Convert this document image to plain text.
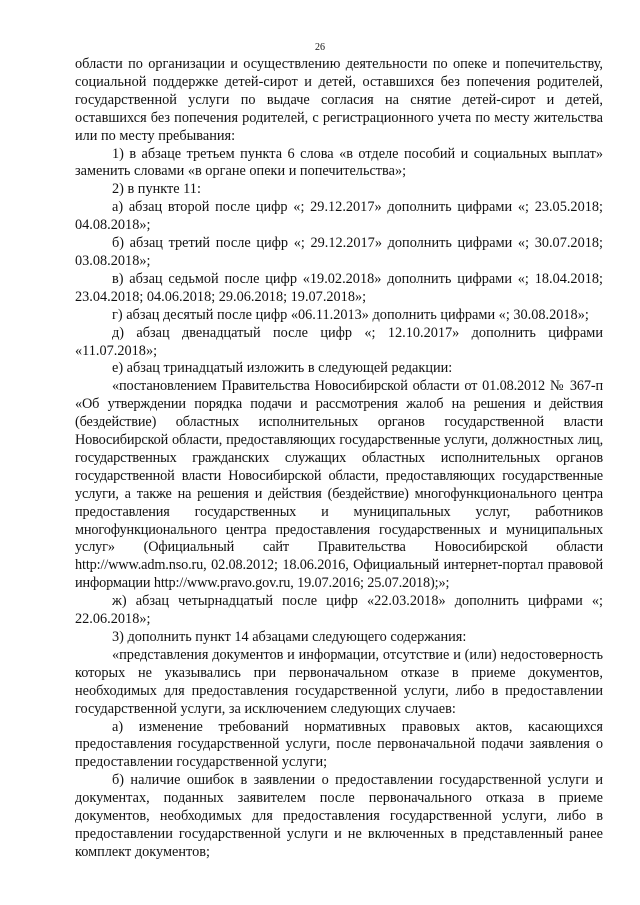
26

области по организации и осуществлению деятельности по опеке и попечительству, социальной поддержке детей-сирот и детей, оставшихся без попечения родителей, государственной услуги по выдаче согласия на снятие детей-сирот и детей, оставшихся без попечения родителей, с регистрационного учета по месту жительства или по месту пребывания:

1) в абзаце третьем пункта 6 слова «в отделе пособий и социальных выплат» заменить словами «в органе опеки и попечительства»;

2) в пункте 11:

а) абзац второй после цифр «; 29.12.2017» дополнить цифрами «; 23.05.2018; 04.08.2018»;

б) абзац третий после цифр «; 29.12.2017» дополнить цифрами «; 30.07.2018; 03.08.2018»;

в) абзац седьмой после цифр «19.02.2018» дополнить цифрами «; 18.04.2018; 23.04.2018; 04.06.2018; 29.06.2018; 19.07.2018»;

г) абзац десятый после цифр «06.11.2013» дополнить цифрами «; 30.08.2018»;

д) абзац двенадцатый после цифр «; 12.10.2017» дополнить цифрами «11.07.2018»;

е) абзац тринадцатый изложить в следующей редакции:

«постановлением Правительства Новосибирской области от 01.08.2012 № 367-п «Об утверждении порядка подачи и рассмотрения жалоб на решения и действия (бездействие) областных исполнительных органов государственной власти Новосибирской области, предоставляющих государственные услуги, должностных лиц, государственных гражданских служащих областных исполнительных органов государственной власти Новосибирской области, предоставляющих государственные услуги, а также на решения и действия (бездействие) многофункционального центра предоставления государственных и муниципальных услуг, работников многофункционального центра предоставления государственных и муниципальных услуг» (Официальный сайт Правительства Новосибирской области http://www.adm.nso.ru, 02.08.2012; 18.06.2016, Официальный интернет-портал правовой информации http://www.pravo.gov.ru, 19.07.2016; 25.07.2018);»;

ж) абзац четырнадцатый после цифр «22.03.2018» дополнить цифрами «; 22.06.2018»;

3) дополнить пункт 14 абзацами следующего содержания:

«представления документов и информации, отсутствие и (или) недостоверность которых не указывались при первоначальном отказе в приеме документов, необходимых для предоставления государственной услуги, либо в предоставлении государственной услуги, за исключением следующих случаев:

а) изменение требований нормативных правовых актов, касающихся предоставления государственной услуги, после первоначальной подачи заявления о предоставлении государственной услуги;

б) наличие ошибок в заявлении о предоставлении государственной услуги и документах, поданных заявителем после первоначального отказа в приеме документов, необходимых для предоставления государственной услуги, либо в предоставлении государственной услуги и не включенных в представленный ранее комплект документов;
